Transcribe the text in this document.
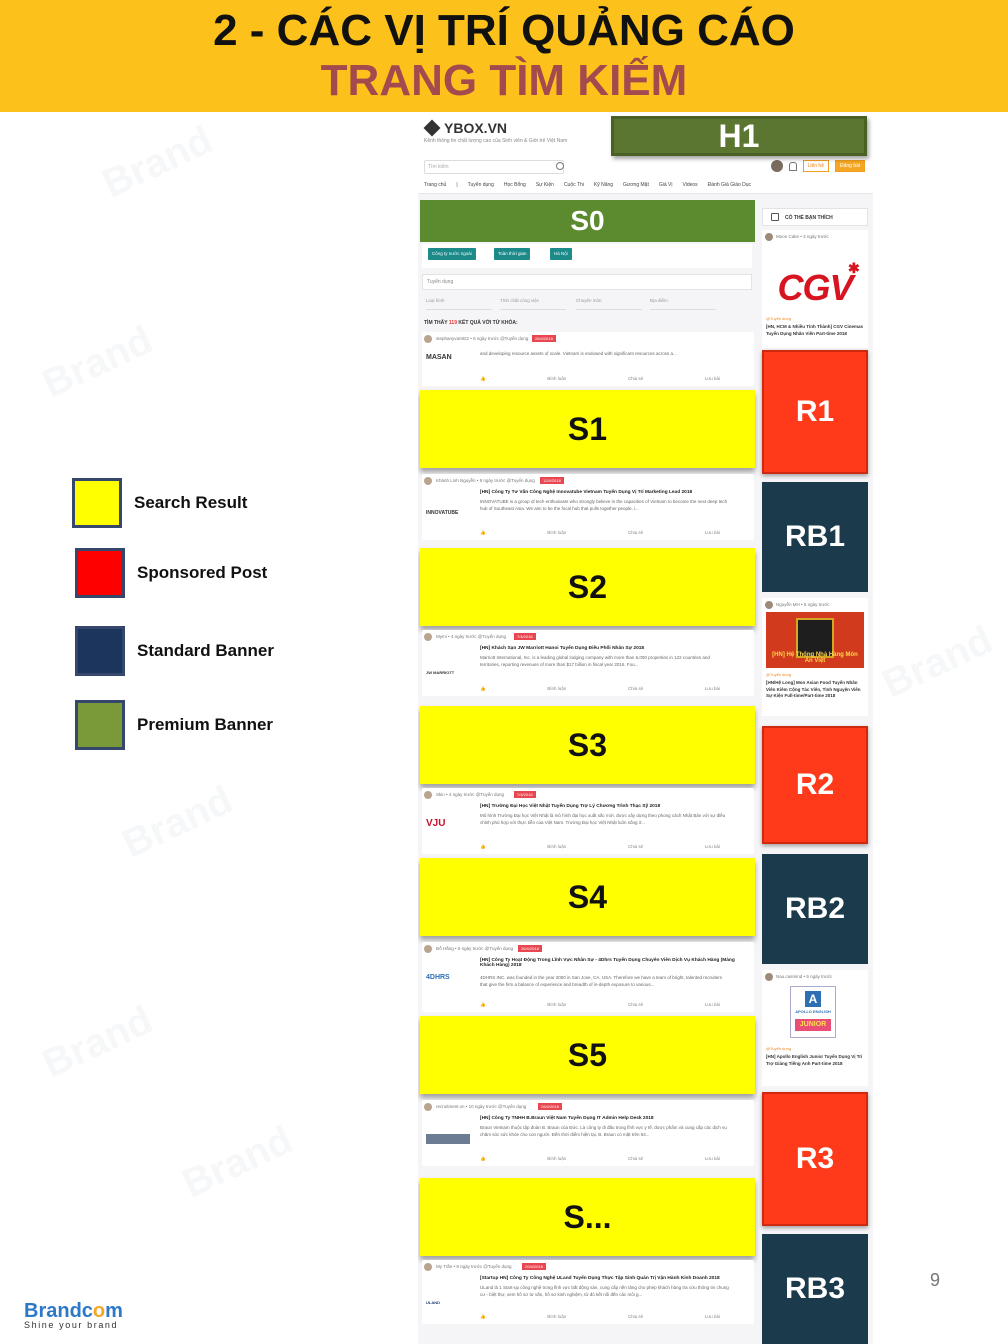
Brand
Brand
Brand
Brand
Brand
Brand
2 - CÁC VỊ TRÍ QUẢNG CÁO
TRANG TÌM KIẾM
Search Result
Sponsored Post
Standard Banner
Premium Banner
YBOX.VN
Kênh thông tin chất lượng cao của Sinh viên & Giới trẻ Việt Nam
Tìm kiếm	Liên hệ	Đăng bài
Trang chủ | Tuyển dụng Học Bổng Sự Kiện Cuộc Thi Kỹ Năng Gương Mặt Giá Vị Videos Đánh Giá Giáo Dục
H1
S0
Công ty nước ngoài	Toàn thời gian	Hà Nội
Tuyển dụng
Loại hình	Tính chất công việc	Chuyên môn	Địa điểm
TÌM THẤY 119 KẾT QUẢ VỚI TỪ KHÓA:
stephanyvan822 • 6 ngày trước @Tuyển dụng	26/4/2018
MASAN
and developing resource assets of scale. Vietnam is endowed with significant resources across a...
👍	Bình luận	Chia sẻ	Lưu bài
S1
Khánh Linh Nguyễn • 8 ngày trước @Tuyển dụng	12/4/2018
INNOVATUBE
[HN] Công Ty Tư Vấn Công Nghệ Innovatube Vietnam Tuyển Dụng Vị Trí Marketing Lead 2018
INNOVATUBE is a group of tech enthusiasts who strongly believe in the capacities of Vietnam to become the next deep tech hub of Southeast Asia. We aim to be the focal hub that pulls together people, i...
👍	Bình luận	Chia sẻ	Lưu bài
S2
Mymi • 4 ngày trước @Tuyển dụng	7/4/2018
JW MARRIOTT
[HN] Khách Sạn JW Marriott Hanoi Tuyển Dụng Điều Phối Nhân Sự 2018
Marriott International, Inc. is a leading global lodging company with more than 6,000 properties in 122 countries and territories, reporting revenues of more than $17 billion in fiscal year 2016. Fou...
👍	Bình luận	Chia sẻ	Lưu bài
S3
Skin • 4 ngày trước @Tuyển dụng	7/4/2018
VJU
[HN] Trường Đại Học Việt Nhật Tuyển Dụng Trợ Lý Chương Trình Thạc Sỹ 2018
Mô hình Trường Đại học Việt Nhật là mô hình đại học xuất sắc mới, được xây dựng theo phong cách Nhật Bản với sự điều chỉnh phù hợp với thực tiễn của Việt Nam. Trường Đại học Việt Nhật luôn sống ở...
👍	Bình luận	Chia sẻ	Lưu bài
S4
Đỗ Hằng • 5 ngày trước @Tuyển dụng	26/4/2018
4DHRS
[HN] Công Ty Hoạt Động Trong Lĩnh Vực Nhân Sự - 4Dhrs Tuyển Dụng Chuyên Viên Dịch Vụ Khách Hàng (Mảng Khách Hàng) 2018
4DHRS INC. was founded in the year 2000 in San Jose, CA, USA. Therefore we have a team of bright, talented recruiters that give the firm a balance of experience and breadth of in-depth exposure to various...
👍	Bình luận	Chia sẻ	Lưu bài
S5
recruitment.vn • 10 ngày trước @Tuyển dụng	26/4/2018
[HN] Công Ty TNHH B.Braun Việt Nam Tuyển Dụng IT Admin Help Desk 2018
Braun Vietnam thuộc tập đoàn B. Braun của Đức. Là công ty đi đầu trong lĩnh vực y tế, được phẩm và cung cấp các dịch vụ chăm sóc sức khỏe cho con người. Đến thời điểm hiện tại, B. Braun có mặt trên 64...
👍	Bình luận	Chia sẻ	Lưu bài
S...
My Trần • 8 ngày trước @Tuyển dụng	20/4/2018
ULAND
[Startup HN] Công Ty Công Nghệ ULand Tuyển Dụng Thực Tập Sinh Quản Trị Vận Hành Kinh Doanh 2018
ULand là 1 Start-up công nghệ trong lĩnh vực bất động sản, cung cấp nền tảng cho phép khách hàng tra cứu thông tin chung cư - biệt thự, xem hồ sơ tư vấn, hồ sơ kinh nghiệm, từ đó kết nối đến các môi g...
👍	Bình luận	Chia sẻ	Lưu bài
CÓ THỂ BẠN THÍCH
Moon Cake • 3 ngày trước
CGV
✱
@Tuyển dụng
[HN, HCM & Nhiều Tỉnh Thành] CGV Cinemas Tuyển Dụng Nhân Viên Part-time 2018
R1
RB1
Nguyễn MH • 5 ngày trước
[HN] Hệ Thống Nhà Hàng Món Ăn Việt
@Tuyển dụng
[HN/Hệ Long] Mon Asian Food Tuyển Nhân Viên Kiêm Cộng Tác Viên, Tình Nguyện Viên Sự Kiện Full-time/Part-time 2018
R2
RB2
Nau.casmind • 5 ngày trước
A
APOLLO ENGLISH
JUNIOR
@Tuyển dụng
[HN] Apollo English Junior Tuyển Dụng Vị Trí Trợ Giảng Tiếng Anh Part-time 2018
R3
RB3	9
Brandcom
Shine your brand
